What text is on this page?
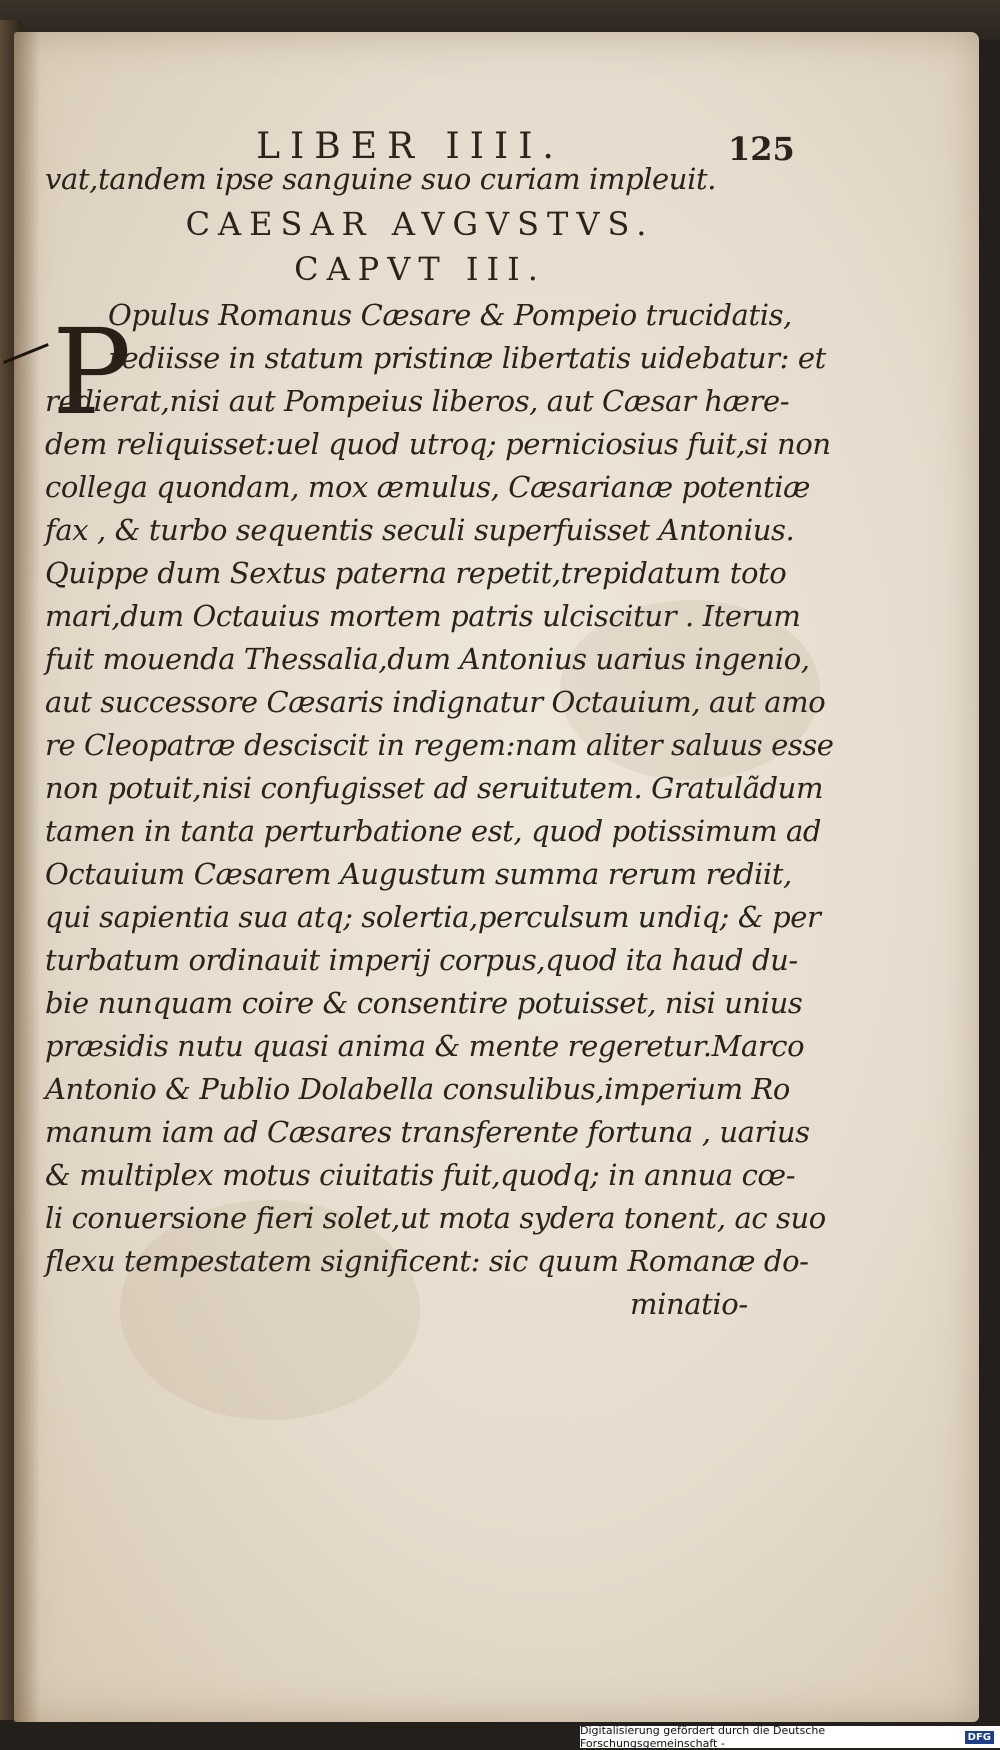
LIBER IIII.	125
vat,tandem ipse sanguine suo curiam impleuit.
CAESAR AVGVSTVS.
CAPVT III.
P
Opulus Romanus Cæsare & Pompeio trucidatis,
rediisse in statum pristinæ libertatis uidebatur: et
redierat,nisi aut Pompeius liberos, aut Cæsar hære-
dem reliquisset:uel quod utroq; perniciosius fuit,si non
collega quondam, mox æmulus, Cæsarianæ potentiæ
fax , & turbo sequentis seculi superfuisset Antonius.
Quippe dum Sextus paterna repetit,trepidatum toto
mari,dum Octauius mortem patris ulciscitur . Iterum
fuit mouenda Thessalia,dum Antonius uarius ingenio,
aut successore Cæsaris indignatur Octauium, aut amo
re Cleopatræ desciscit in regem:nam aliter saluus esse
non potuit,nisi confugisset ad seruitutem. Gratulãdum
tamen in tanta perturbatione est, quod potissimum ad
Octauium Cæsarem Augustum summa rerum rediit,
qui sapientia sua atq; solertia,perculsum undiq; & per
turbatum ordinauit imperij corpus,quod ita haud du-
bie nunquam coire & consentire potuisset, nisi unius
præsidis nutu quasi anima & mente regeretur.Marco
Antonio & Publio Dolabella consulibus,imperium Ro
manum iam ad Cæsares transferente fortuna , uarius
& multiplex motus ciuitatis fuit,quodq; in annua cœ-
li conuersione fieri solet,ut mota sydera tonent, ac suo
flexu tempestatem significent: sic quum Romanæ do-
minatio-
Digitalisierung gefördert durch die Deutsche Forschungsgemeinschaft -	DFG
